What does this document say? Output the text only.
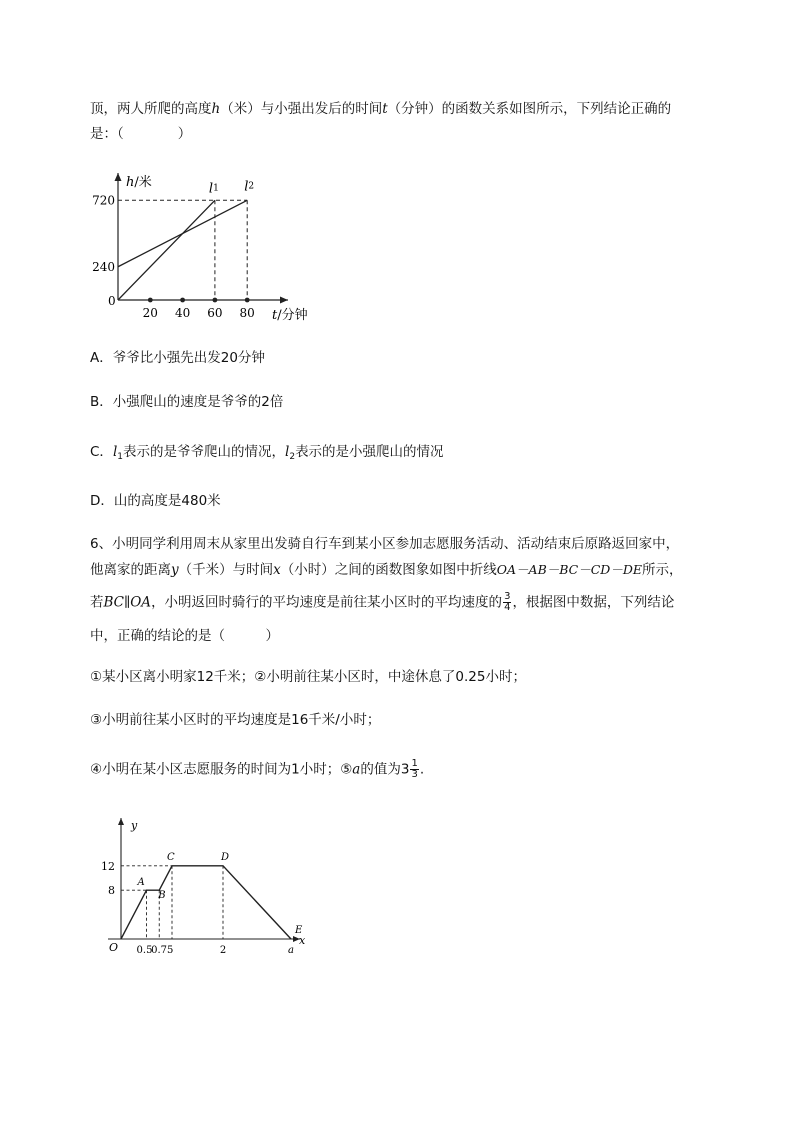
顶，两人所爬的高度h（米）与小强出发后的时间t（分钟）的函数关系如图所示，下列结论正确的
是：（　　　　）
h/米
t/分钟
0
20 40 60 80
240
720
l1 l2
A．爷爷比小强先出发20分钟
B．小强爬山的速度是爷爷的2倍
C．$l_1$表示的是爷爷爬山的情况，$l_2$表示的是小强爬山的情况
D．山的高度是480米
6、小明同学利用周末从家里出发骑自行车到某小区参加志愿服务活动、活动结束后原路返回家中，
他离家的距离y（千米）与时间x（小时）之间的函数图象如图中折线OA－AB－BC－CD－DE所示，
若BC∥OA，小明返回时骑行的平均速度是前往某小区时的平均速度的 $\frac{3}{4}$ ，根据图中数据，下列结论
中，正确的结论的是（　　　）
①某小区离小明家12千米；②小明前往某小区时，中途休息了0.25小时；
③小明前往某小区时的平均速度是16千米/小时；
④小明在某小区志愿服务的时间为1小时；⑤a的值为$3 \frac{1}{3}$ .
y
x
O
8
12
A
B
C	D
E
0.5
0.75	2	a
